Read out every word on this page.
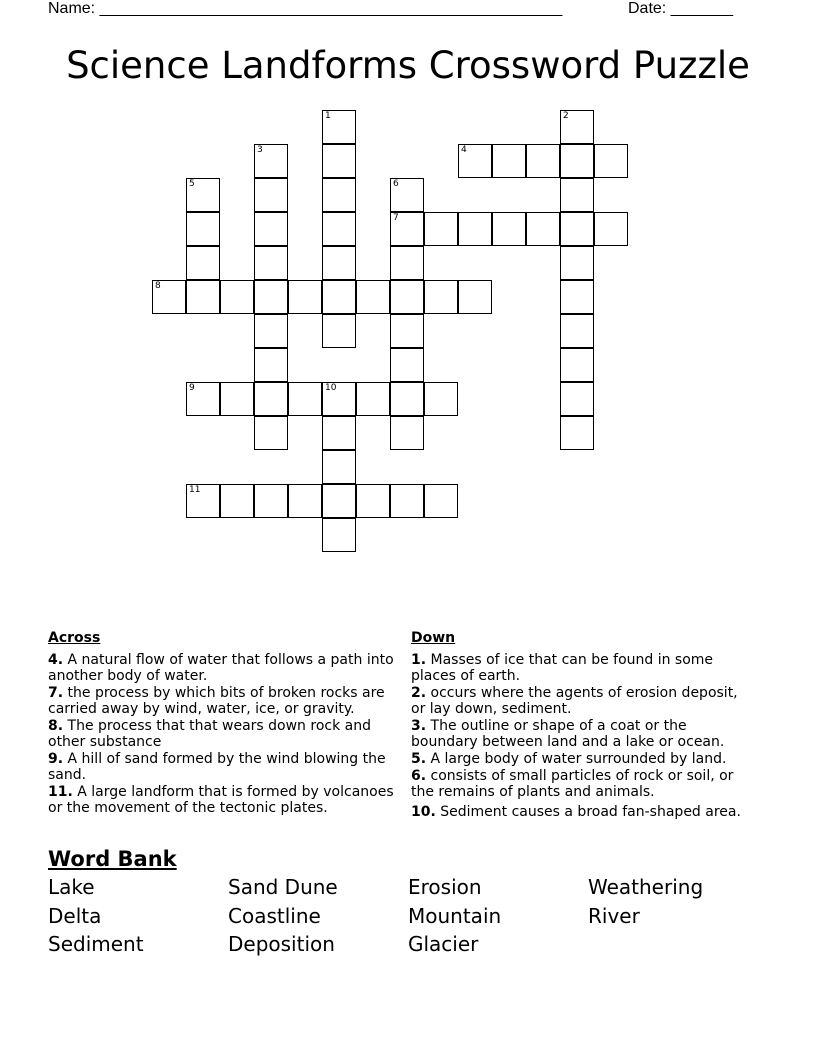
Name: ____________________________________________________	Date: _______
Science Landforms Crossword Puzzle
1	2
3	4
5	6
7
8
9	10
11
Across
4. A natural flow of water that follows a path into another body of water.
7. the process by which bits of broken rocks are carried away by wind, water, ice, or gravity.
8. The process that that wears down rock and other substance
9. A hill of sand formed by the wind blowing the sand.
11. A large landform that is formed by volcanoes or the movement of the tectonic plates.
Down
1. Masses of ice that can be found in some places of earth.
2. occurs where the agents of erosion deposit, or lay down, sediment.
3. The outline or shape of a coat or the boundary between land and a lake or ocean.
5. A large body of water surrounded by land.
6. consists of small particles of rock or soil, or the remains of plants and animals.
10. Sediment causes a broad fan-shaped area.
Word Bank
Lake	Sand Dune	Erosion	Weathering
Delta	Coastline	Mountain	River
Sediment	Deposition	Glacier
